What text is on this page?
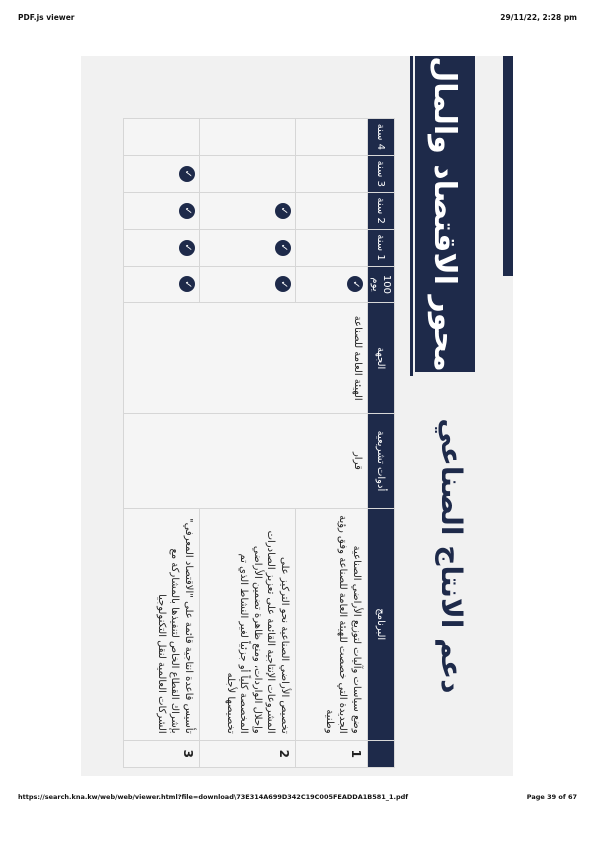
PDF.js viewer	29/11/22, 2:28 pm
محور الاقتصاد والمال
دعم الانتاج الصناعي
	البرنامج	أدوات تشريعية	الجهة	100 يوم	1 سنة	2 سنة	3 سنة	4 سنة
1	وضع سياسات وآليات لتوزيع الأراضي الصناعية الجديدة التي خصصت للهيئة العامة للصناعة وفق رؤية وطنية	قرار	الهيئة العامة للصناعة	✓				
2	تخصيص الأراضي الصناعية نحو التركيز على المشروعات الإنتاجية القائمة على تعزيز الصادرات وإحلال الواردات، ومنع ظاهرة تضمين الأراضي المخصصة كلياً أو جزئياً لغير النشاط الذي تم تخصيصها لأجله			✓	✓	✓		
3	تأسيس قاعدة انتاجية قائمة على "الاقتصاد المعرفي" بإشراك القطاع الخاص لتنفيذها بالمشاركة مع الشركات العالمية لنقل التكنولوجيا			✓	✓	✓	✓	
https://search.kna.kw/web/web/viewer.html?file=download\73E314A699D342C19C005FEADDA1B581_1.pdf	Page 39 of 67
